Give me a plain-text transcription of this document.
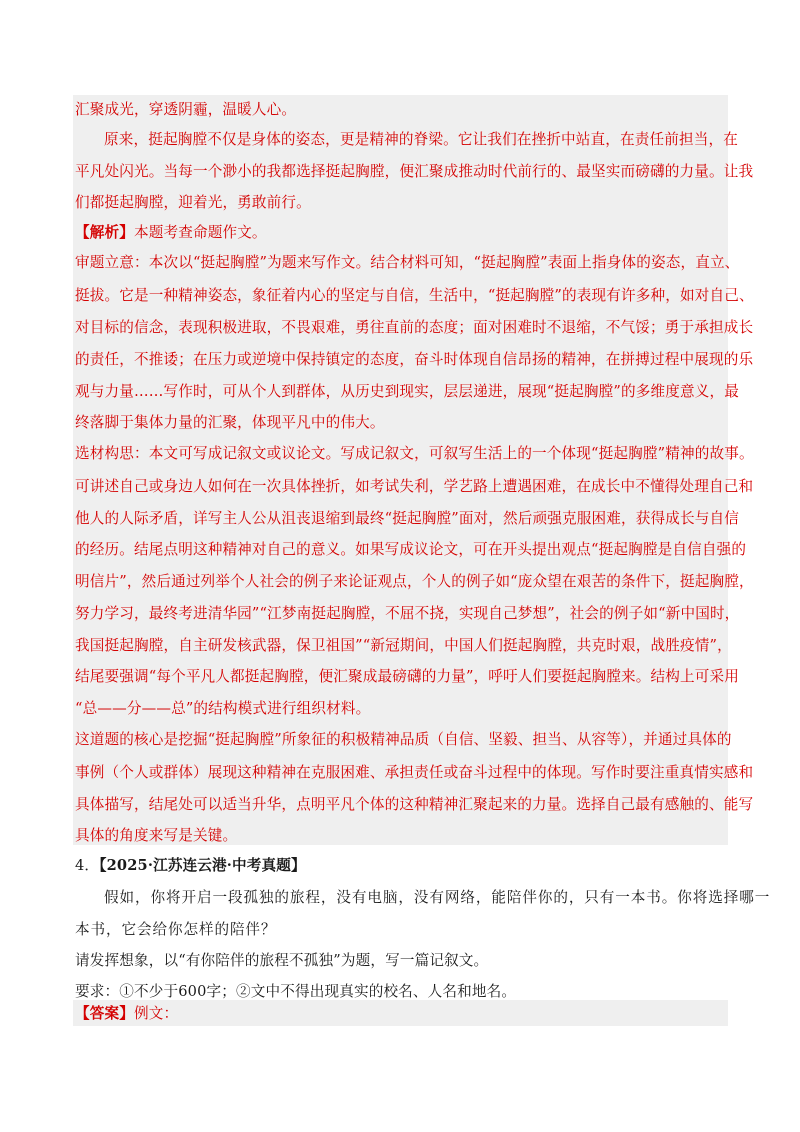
汇聚成光，穿透阴霾，温暖人心。
原来，挺起胸膛不仅是身体的姿态，更是精神的脊梁。它让我们在挫折中站直，在责任前担当，在
平凡处闪光。当每一个渺小的我都选择挺起胸膛，便汇聚成推动时代前行的、最坚实而磅礴的力量。让我
们都挺起胸膛，迎着光，勇敢前行。
【解析】本题考查命题作文。
审题立意：本次以“挺起胸膛”为题来写作文。结合材料可知，“挺起胸膛”表面上指身体的姿态，直立、
挺拔。它是一种精神姿态，象征着内心的坚定与自信，生活中，“挺起胸膛”的表现有许多种，如对自己、
对目标的信念，表现积极进取，不畏艰难，勇往直前的态度；面对困难时不退缩，不气馁；勇于承担成长
的责任，不推诿；在压力或逆境中保持镇定的态度，奋斗时体现自信昂扬的精神，在拼搏过程中展现的乐
观与力量……写作时，可从个人到群体，从历史到现实，层层递进，展现“挺起胸膛”的多维度意义，最
终落脚于集体力量的汇聚，体现平凡中的伟大。
选材构思：本文可写成记叙文或议论文。写成记叙文，可叙写生活上的一个体现“挺起胸膛”精神的故事。
可讲述自己或身边人如何在一次具体挫折，如考试失利，学艺路上遭遇困难，在成长中不懂得处理自己和
他人的人际矛盾，详写主人公从沮丧退缩到最终“挺起胸膛”面对，然后顽强克服困难，获得成长与自信
的经历。结尾点明这种精神对自己的意义。如果写成议论文，可在开头提出观点“挺起胸膛是自信自强的
明信片”，然后通过列举个人社会的例子来论证观点，个人的例子如“庞众望在艰苦的条件下，挺起胸膛，
努力学习，最终考进清华园”“江梦南挺起胸膛，不屈不挠，实现自己梦想”，社会的例子如“新中国时，
我国挺起胸膛，自主研发核武器，保卫祖国”“新冠期间，中国人们挺起胸膛，共克时艰，战胜疫情”，
结尾要强调“每个平凡人都挺起胸膛，便汇聚成最磅礴的力量”，呼吁人们要挺起胸膛来。结构上可采用
“总——分——总”的结构模式进行组织材料。
这道题的核心是挖掘“挺起胸膛”所象征的积极精神品质（自信、坚毅、担当、从容等），并通过具体的
事例（个人或群体）展现这种精神在克服困难、承担责任或奋斗过程中的体现。写作时要注重真情实感和
具体描写，结尾处可以适当升华，点明平凡个体的这种精神汇聚起来的力量。选择自己最有感触的、能写
具体的角度来写是关键。
4．【2025·江苏连云港·中考真题】
假如，你将开启一段孤独的旅程，没有电脑，没有网络，能陪伴你的，只有一本书。你将选择哪一
本书，它会给你怎样的陪伴？
请发挥想象，以“有你陪伴的旅程不孤独”为题，写一篇记叙文。
要求：①不少于600字；②文中不得出现真实的校名、人名和地名。
【答案】例文：
